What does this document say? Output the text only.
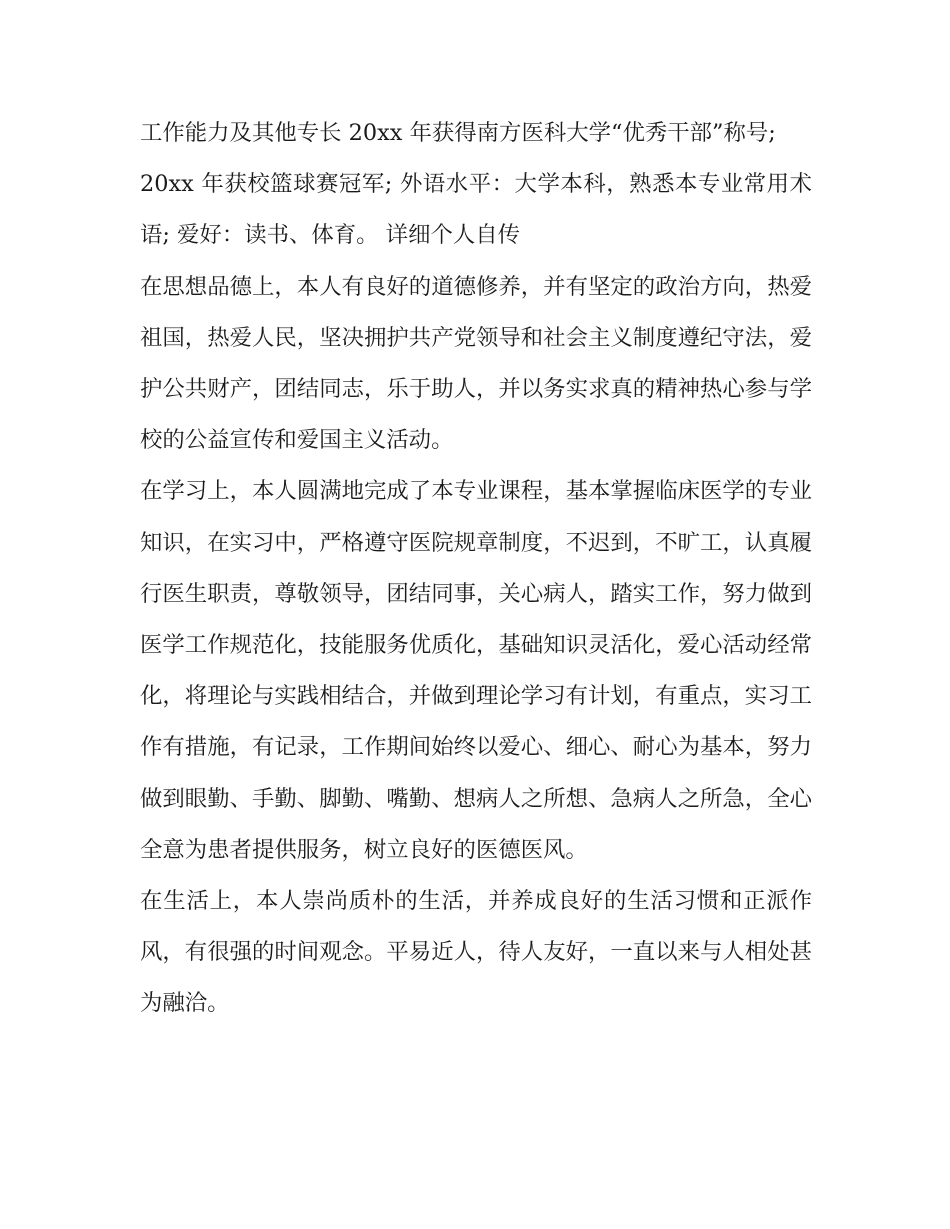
工作能力及其他专长 20xx 年获得南方医科大学“优秀干部”称号;

20xx 年获校篮球赛冠军; 外语水平：大学本科，熟悉本专业常用术语; 爱好：读书、体育。 详细个人自传

在思想品德上，本人有良好的道德修养，并有坚定的政治方向，热爱祖国，热爱人民，坚决拥护共产党领导和社会主义制度遵纪守法，爱护公共财产，团结同志，乐于助人，并以务实求真的精神热心参与学校的公益宣传和爱国主义活动。

在学习上，本人圆满地完成了本专业课程，基本掌握临床医学的专业知识，在实习中，严格遵守医院规章制度，不迟到，不旷工，认真履行医生职责，尊敬领导，团结同事，关心病人，踏实工作，努力做到医学工作规范化，技能服务优质化，基础知识灵活化，爱心活动经常化，将理论与实践相结合，并做到理论学习有计划，有重点，实习工作有措施，有记录，工作期间始终以爱心、细心、耐心为基本，努力做到眼勤、手勤、脚勤、嘴勤、想病人之所想、急病人之所急，全心全意为患者提供服务，树立良好的医德医风。

在生活上，本人崇尚质朴的生活，并养成良好的生活习惯和正派作风，有很强的时间观念。平易近人，待人友好，一直以来与人相处甚为融洽。
